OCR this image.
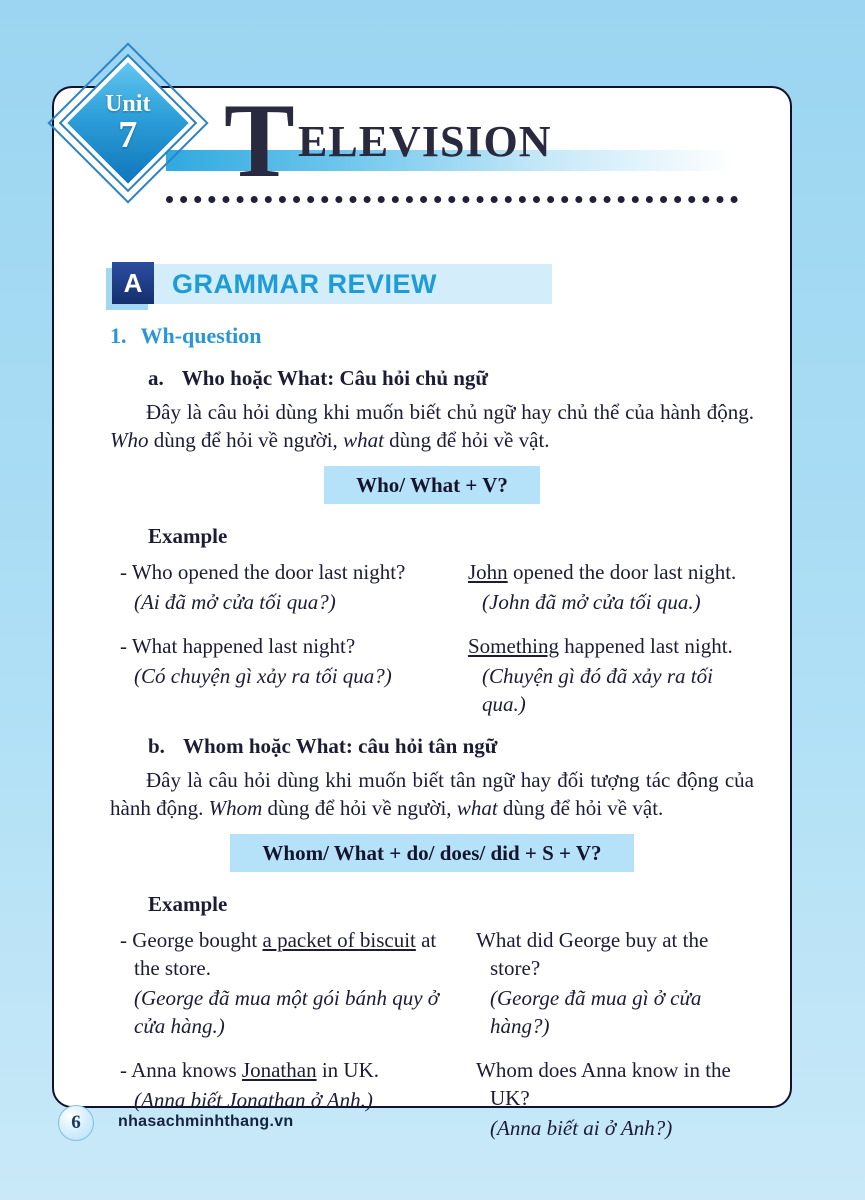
T ELEVISION
A GRAMMAR REVIEW
1. Wh-question
a. Who hoặc What: Câu hỏi chủ ngữ

Đây là câu hỏi dùng khi muốn biết chủ ngữ hay chủ thể của hành động. Who dùng để hỏi về người, what dùng để hỏi về vật.

Who/ What + V?
Example
- Who opened the door last night?
(Ai đã mở cửa tối qua?)
John opened the door last night.
(John đã mở cửa tối qua.)
- What happened last night?
(Có chuyện gì xảy ra tối qua?)
Something happened last night.
(Chuyện gì đó đã xảy ra tối qua.)
b. Whom hoặc What: câu hỏi tân ngữ

Đây là câu hỏi dùng khi muốn biết tân ngữ hay đối tượng tác động của hành động. Whom dùng để hỏi về người, what dùng để hỏi về vật.

Whom/ What + do/ does/ did + S + V?
Example
- George bought a packet of biscuit at the store.
(George đã mua một gói bánh quy ở cửa hàng.)
What did George buy at the store?
(George đã mua gì ở cửa hàng?)
- Anna knows Jonathan in UK.
(Anna biết Jonathan ở Anh.)
Whom does Anna know in the UK?
(Anna biết ai ở Anh?)
Unit
7
6 nhasachminhthang.vn
